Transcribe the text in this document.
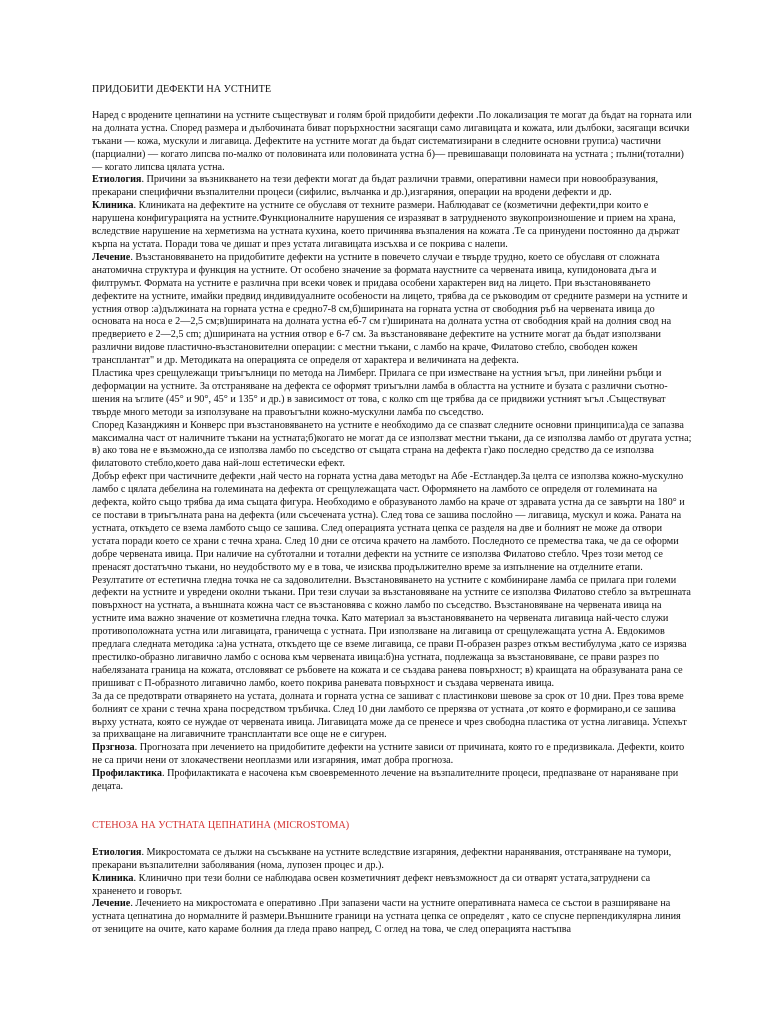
ПРИДОБИТИ ДЕФЕКТИ НА УСТНИТЕ

Наред с вродените цепнатини на устните съществуват и голям брой придобити дефекти .По локализация те могат да бъдат на горната или на долната устна. Според размера и дълбочината биват порърхностни засягащи само лигавицата и кожата, или дълбоки, засягащи всички тъкани — кожа, мускули и лигавица. Дефектите на устните могат да бъдат систематизирани в следните основни групи:а) частични (парциални) — когато липсва по-малко от половината или половината устна б)— превишаващи половината на устната ; пълни(тотални) — когато липсва цялата устна.

Етиология. Причини за възникването на тези дефекти могат да бъдат различни травми, оперативни намеси при новообразувания, прекарани специфични възпалителни процеси (сифилис, вълчанка и др.),изгаряния, операции на вродени дефекти и др.

Клиника. Клиниката на дефектите на устните се обуславя от техните размери. Наблюдават се (козметични дефекти,при които е нарушена конфигурацията на устните.Функционалните нарушения се изразяват в затрудненото звукопроизношение и прием на храна, вследствие нарушение на херметизма на устната кухина, което причинява възпаления на кожата .Те са принудени постоянно да държат кърпа на устата. Поради това че дишат и през устата лигавицата изсъхва и се покрива с налепи.

Лечение. Възстановяването на придобитите дефекти на устните в повечето случаи е твърде трудно, което се обуславя от сложната анатомична структура и функция на устните. От особено значение за формата наустните са червената ивица, купидоновата дъга и филтрумът. Формата на устните е различна при всеки човек и придава особени характерен вид на лицето. При възстановяването дефектите на устните, имайки предвид индивидуалните особености на лицето, трябва да се ръководим от средните размери на устните и устния отвор :а)дължината на горната устна е средно7-8 см,б)ширината на горната устна от свободния ръб на червената ивица до основата на носа е 2—2,5 см;в)ширината на долната устна еб-7 см г)ширината на долната устна от свободния край на долния свод на предверието е 2—2,5 cm; д)ширината на устния отвор е 6-7 см. За възстановяване дефектите на устните могат да бъдат използвани различни видове пластично-възстановителни операции: с местни тъкани, с ламбо на краче, Филатово стебло, свободен кожен трансплантат" и др. Методиката на операцията се определя от характера и величината на дефекта.

Пластика чрез срещулежащи триъгълници по метода на Лимберг. Прилага се при изместване на устния ъгъл, при линейни ръбци и деформации на устните. За отстраняване на дефекта се оформят триъгълни ламба в областта на устните и бузата с различни съотно-шения на ъглите (45° и 90°, 45° и 135° и др.) в зависимост от това, с колко cm ще трябва да се придвижи устният ъгъл .Съществуват твърде много методи за използуване на правоъгълни кожно-мускулни ламба по съседство.

Според Казанджиян и Конверс при възстановяването на устните е необходимо да се спазват следните основни принципи:а)да се запазва максимална част от наличните тъкани на устната;б)когато не могат да се използват местни тъкани, да се използва ламбо от другата устна; в) ако това не е възможно,да се използва ламбо по съседство от същата страна на дефекта г)ако последно средство да се използва филатовото стебло,което дава най-лош естетически ефект.

Добър ефект при частичните дефекти ,най често на горната устна дава методът на Абе -Естландер.За целта се използва кожно-мускулно ламбо с цялата дебелина на големината на дефекта от срещулежащата част. Оформянето на ламбото се определя от големината на дефекта, който също трябва да има същата фигура. Необходимо е образуваното ламбо на краче от здравата устна да се завърти на 180° и се постави в триъгълната рана на дефекта (или съсечената устна). След това се зашива послойно — лигавица, мускул и кожа. Раната на устната, откъдето се взема ламбото също се зашива. След операцията устната цепка се разделя на две и болният не може да отвори устата поради което се храни с течна храна. След 10 дни се отсича крачето на ламбото. Последното се премества така, че да се оформи добре червената ивица. При наличие на субтотални и тотални дефекти на устните се използва Филатово стебло. Чрез този метод се пренасят достатъчно тъкани, но неудобството му е в това, че изисква продължително време за изпълнение на отделните етапи. Резултатите от естетична гледна точка не са задоволителни. Възстановяването на устните с комбиниране ламба се прилага при големи дефекти на устните и увредени околни тъкани. При тези случаи за възстановяване на устните се използва Филатово стебло за вътрешната повърхност на устната, а външната кожна част се възстановява с кожно ламбо по съседство. Възстановяване на червената ивица на устните има важно значение от козметична гледна точка. Като материал за възстановяването на червената лигавица най-често служи противоположната устна или лигавицата, граничеща с устната. При използване на лигавица от срещулежащата устна А. Евдокимов предлага следната методика :а)на устната, откъдето ще се вземе лигавица, се прави П-образен разрез откъм вестибулума ,като се изрязва престилко-образно лигавично ламбо с основа към червената ивица:б)на устната, подлежаща за възстановяване, се прави разрез по набелязаната граница на кожата, отсловяват се ръбовете на кожата и се създава ранева повърхност; в) краищата на образуваната рана се пришиват с П-образното лигавично ламбо, което покрива раневата повърхност и създава червената ивица.

За да се предотврати отварянето на устата, долната и горната устна се зашиват с пластинкови шевове за срок от 10 дни. През това време болният се храни с течна храна посредством тръбичка. След 10 дни ламбото се прерязва от устната ,от която е формирано,и се зашива върху устната, която се нуждае от червената ивица. Лигавицата може да се пренесе и чрез свободна пластика от устна лигавица. Успехът за прихващане на лигавичните трансплантати все още не е сигурен.

Прзгноза. Прогнозата при лечението на придобитите дефекти на устните зависи от причината, която го е предизвикала. Дефекти, които не са причи нени от злокачествени неоплазми или изгаряния, имат добра прогноза.

Профилактика. Профилактиката е насочена към своевременното лечение на възпалителните процеси, предпазване от нараняване при децата.

СТЕНОЗА НА УСТНАТА ЦЕПНАТИНА (MICROSTOMA)

Етиология. Микростомата се дължи на съсъкване на устните вследствие изгаряния, дефектни наранявания, отстраняване на тумори, прекарани възпалителни заболявания (нома, лупозен процес и др.).

Клиника. Клинично при тези болни се наблюдава освен козметичният дефект невъзможност да си отварят устата,затруднени са храненето и говорът.

Лечение. Лечението на микростомата е оперативно .При запазени части на устните оперативната намеса се състои в разширяване на устната цепнатина до нормалните й размери.Външните граници на устната цепка се определят , като се спусне перпендикулярна линия от зениците на очите, като караме болния да гледа право напред, С оглед на това, че след операцията настъпва
